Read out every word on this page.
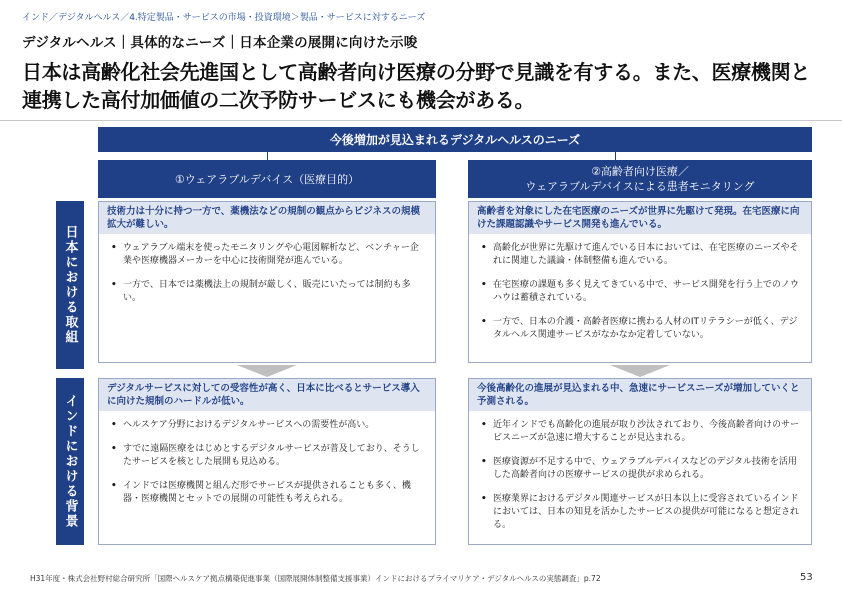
インド／デジタルヘルス／4.特定製品・サービスの市場・投資環境＞製品・サービスに対するニーズ
デジタルヘルス｜具体的なニーズ｜日本企業の展開に向けた示唆
日本は高齢化社会先進国として高齢者向け医療の分野で見識を有する。また、医療機関と連携した高付加価値の二次予防サービスにも機会がある。
今後増加が見込まれるデジタルヘルスのニーズ
①ウェアラブルデバイス（医療目的）
②高齢者向け医療／
ウェアラブルデバイスによる患者モニタリング
日本における取組
インドにおける背景
技術力は十分に持つ一方で、薬機法などの規制の観点からビジネスの規模拡大が難しい。
• ウェアラブル端末を使ったモニタリングや心電図解析など、ベンチャー企業や医療機器メーカーを中心に技術開発が進んでいる。
• 一方で、日本では薬機法上の規制が厳しく、販売にいたっては制約も多い。
高齢者を対象にした在宅医療のニーズが世界に先駆けて発現。在宅医療に向けた課題認識やサービス開発も進んでいる。
• 高齢化が世界に先駆けて進んでいる日本においては、在宅医療のニーズやそれに関連した議論・体制整備も進んでいる。
• 在宅医療の課題も多く見えてきている中で、サービス開発を行う上でのノウハウは蓄積されている。
• 一方で、日本の介護・高齢者医療に携わる人材のITリテラシーが低く、デジタルヘルス関連サービスがなかなか定着していない。
デジタルサービスに対しての受容性が高く、日本に比べるとサービス導入に向けた規制のハードルが低い。
• ヘルスケア分野におけるデジタルサービスへの需要性が高い。
• すでに遠隔医療をはじめとするデジタルサービスが普及しており、そうしたサービスを核とした展開も見込める。
• インドでは医療機関と組んだ形でサービスが提供されることも多く、機器・医療機関とセットでの展開の可能性も考えられる。
今後高齢化の進展が見込まれる中、急速にサービスニーズが増加していくと予測される。
• 近年インドでも高齢化の進展が取り沙汰されており、今後高齢者向けのサービスニーズが急速に増大することが見込まれる。
• 医療資源が不足する中で、ウェアラブルデバイスなどのデジタル技術を活用した高齢者向けの医療サービスの提供が求められる。
• 医療業界におけるデジタル関連サービスが日本以上に受容されているインドにおいては、日本の知見を活かしたサービスの提供が可能になると想定される。
H31年度・株式会社野村総合研究所「国際ヘルスケア拠点構築促進事業（国際展開体制整備支援事業）インドにおけるプライマリケア・デジタルヘルスの実態調査」p.72	53
